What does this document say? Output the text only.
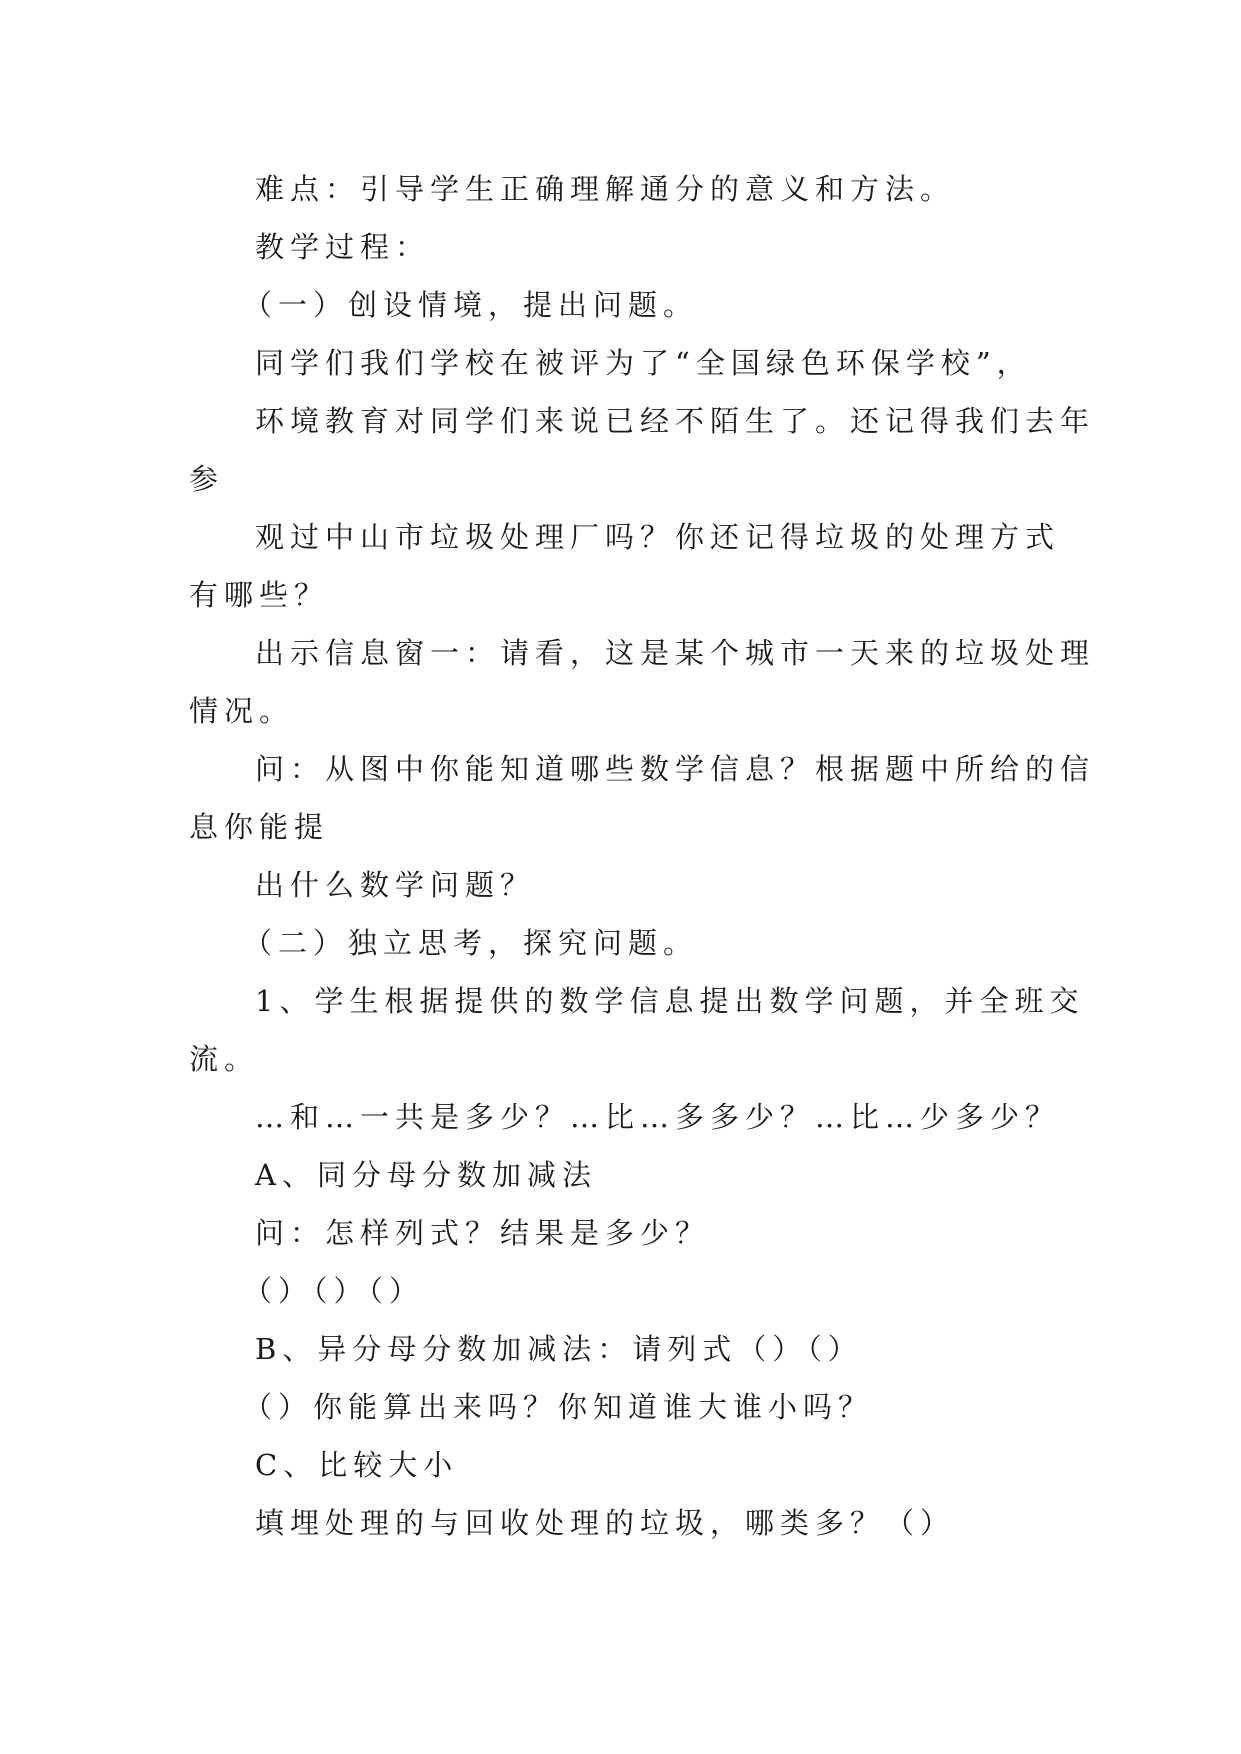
难点：引导学生正确理解通分的意义和方法。

教学过程：

（一）创设情境，提出问题。

同学们我们学校在被评为了“全国绿色环保学校”，

环境教育对同学们来说已经不陌生了。还记得我们去年

参

观过中山市垃圾处理厂吗？你还记得垃圾的处理方式

有哪些？

出示信息窗一：请看，这是某个城市一天来的垃圾处理

情况。

问：从图中你能知道哪些数学信息？根据题中所给的信

息你能提

出什么数学问题？

（二）独立思考，探究问题。

1、学生根据提供的数学信息提出数学问题，并全班交

流。

…和…一共是多少？…比…多多少？…比…少多少？

A、同分母分数加减法

问：怎样列式？结果是多少？

（）（）（）

B、异分母分数加减法：请列式（）（）

（）你能算出来吗？你知道谁大谁小吗？

C、比较大小

填埋处理的与回收处理的垃圾，哪类多？（）
